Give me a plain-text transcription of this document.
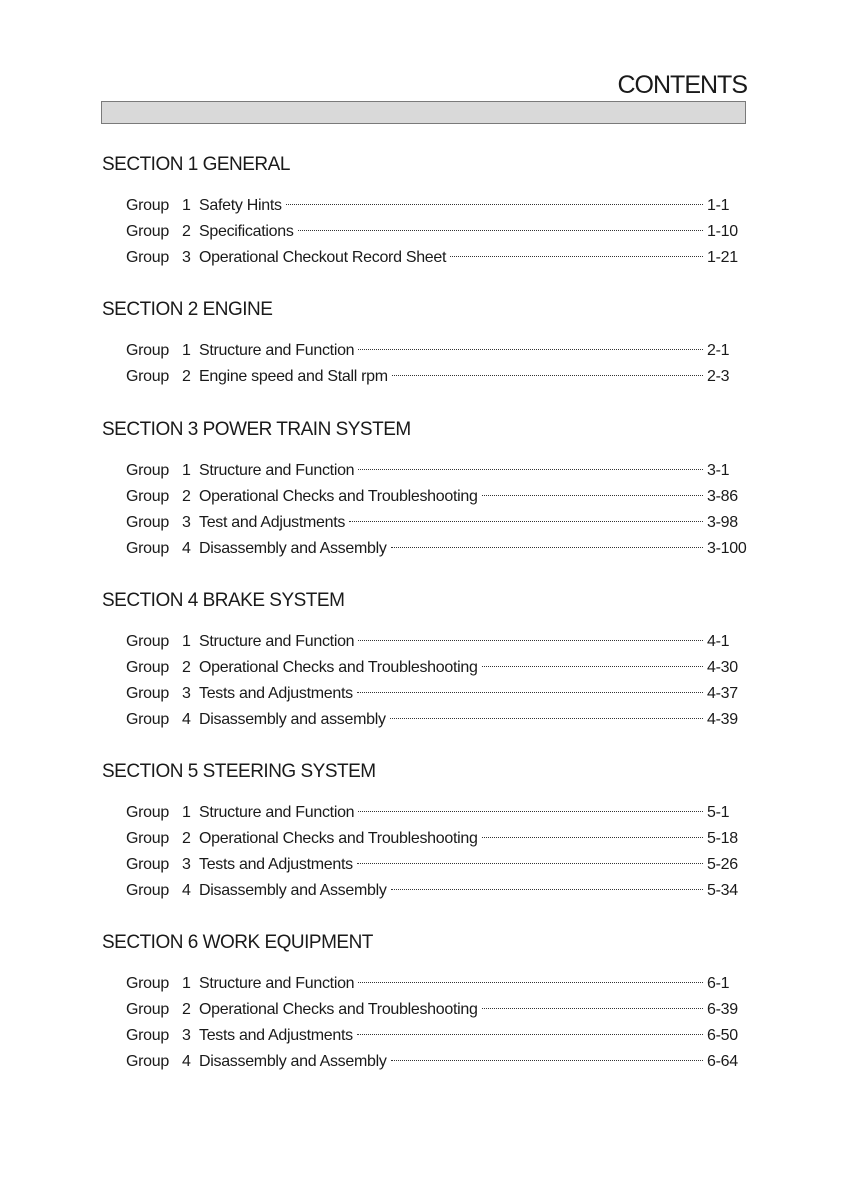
CONTENTS
SECTION 1 GENERAL
Group 1 Safety Hints	1-1
Group 2 Specifications	1-10
Group 3 Operational Checkout Record Sheet	1-21
SECTION 2 ENGINE
Group 1 Structure and Function	2-1
Group 2 Engine speed and Stall rpm	2-3
SECTION 3 POWER TRAIN SYSTEM
Group 1 Structure and Function	3-1
Group 2 Operational Checks and Troubleshooting	3-86
Group 3 Test and Adjustments	3-98
Group 4 Disassembly and Assembly	3-100
SECTION 4 BRAKE SYSTEM
Group 1 Structure and Function	4-1
Group 2 Operational Checks and Troubleshooting	4-30
Group 3 Tests and Adjustments	4-37
Group 4 Disassembly and assembly	4-39
SECTION 5 STEERING SYSTEM
Group 1 Structure and Function	5-1
Group 2 Operational Checks and Troubleshooting	5-18
Group 3 Tests and Adjustments	5-26
Group 4 Disassembly and Assembly	5-34
SECTION 6 WORK EQUIPMENT
Group 1 Structure and Function	6-1
Group 2 Operational Checks and Troubleshooting	6-39
Group 3 Tests and Adjustments	6-50
Group 4 Disassembly and Assembly	6-64
